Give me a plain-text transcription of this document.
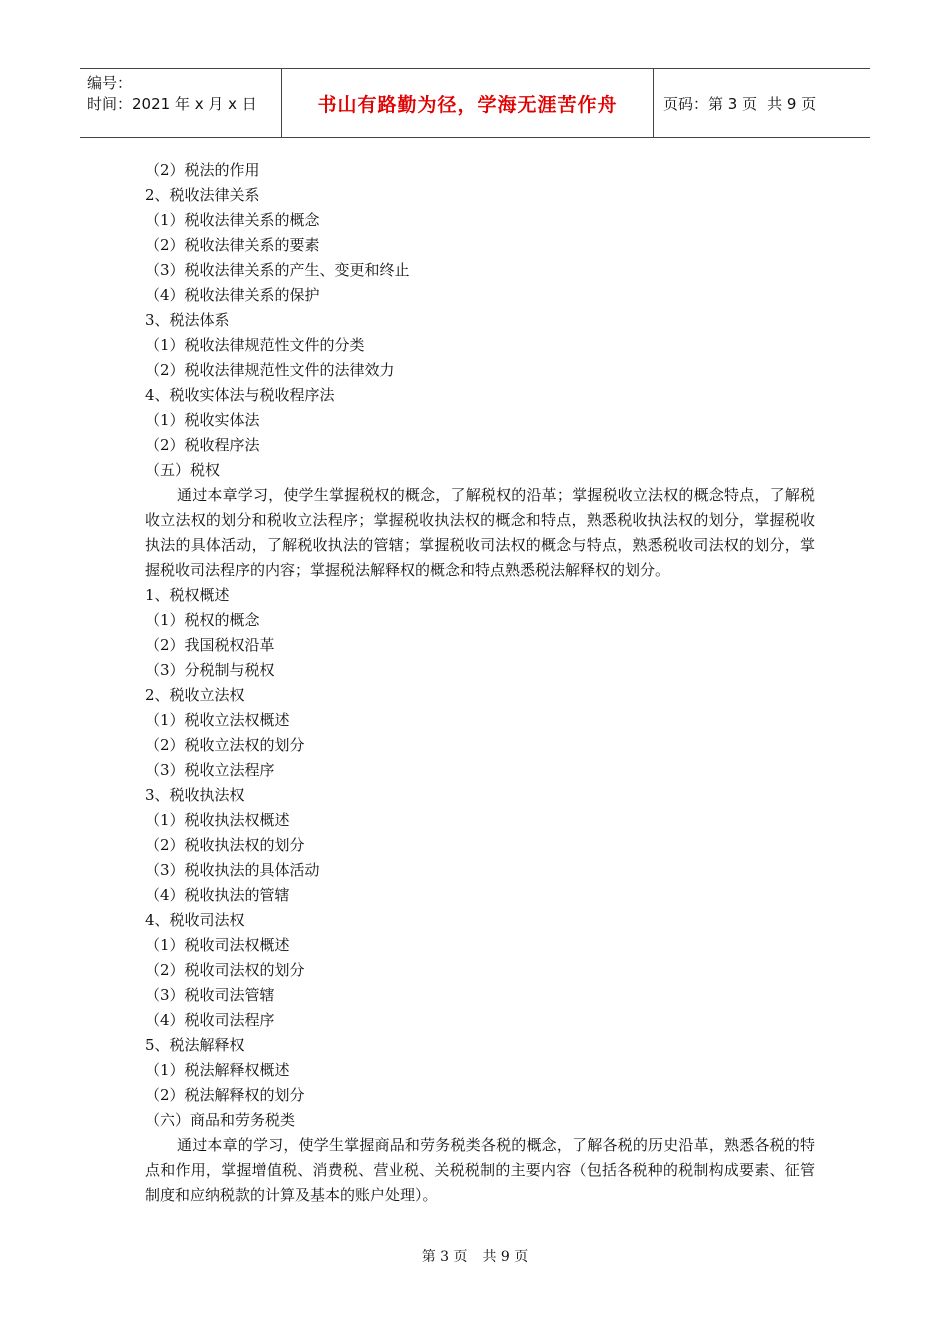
编号：
时间：2021 年 x 月 x 日	书山有路勤为径，学海无涯苦作舟	页码：第 3 页 共 9 页
（2）税法的作用
2、税收法律关系
（1）税收法律关系的概念
（2）税收法律关系的要素
（3）税收法律关系的产生、变更和终止
（4）税收法律关系的保护
3、税法体系
（1）税收法律规范性文件的分类
（2）税收法律规范性文件的法律效力
4、税收实体法与税收程序法
（1）税收实体法
（2）税收程序法
（五）税权

通过本章学习，使学生掌握税权的概念，了解税权的沿革；掌握税收立法权的概念特点，了解税收立法权的划分和税收立法程序；掌握税收执法权的概念和特点，熟悉税收执法权的划分，掌握税收执法的具体活动，了解税收执法的管辖；掌握税收司法权的概念与特点，熟悉税收司法权的划分，掌握税收司法程序的内容；掌握税法解释权的概念和特点熟悉税法解释权的划分。

1、税权概述
（1）税权的概念
（2）我国税权沿革
（3）分税制与税权
2、税收立法权
（1）税收立法权概述
（2）税收立法权的划分
（3）税收立法程序
3、税收执法权
（1）税收执法权概述
（2）税收执法权的划分
（3）税收执法的具体活动
（4）税收执法的管辖
4、税收司法权
（1）税收司法权概述
（2）税收司法权的划分
（3）税收司法管辖
（4）税收司法程序
5、税法解释权
（1）税法解释权概述
（2）税法解释权的划分
（六）商品和劳务税类

通过本章的学习，使学生掌握商品和劳务税类各税的概念，了解各税的历史沿革，熟悉各税的特点和作用，掌握增值税、消费税、营业税、关税税制的主要内容（包括各税种的税制构成要素、征管制度和应纳税款的计算及基本的账户处理）。

第 3 页 共 9 页
